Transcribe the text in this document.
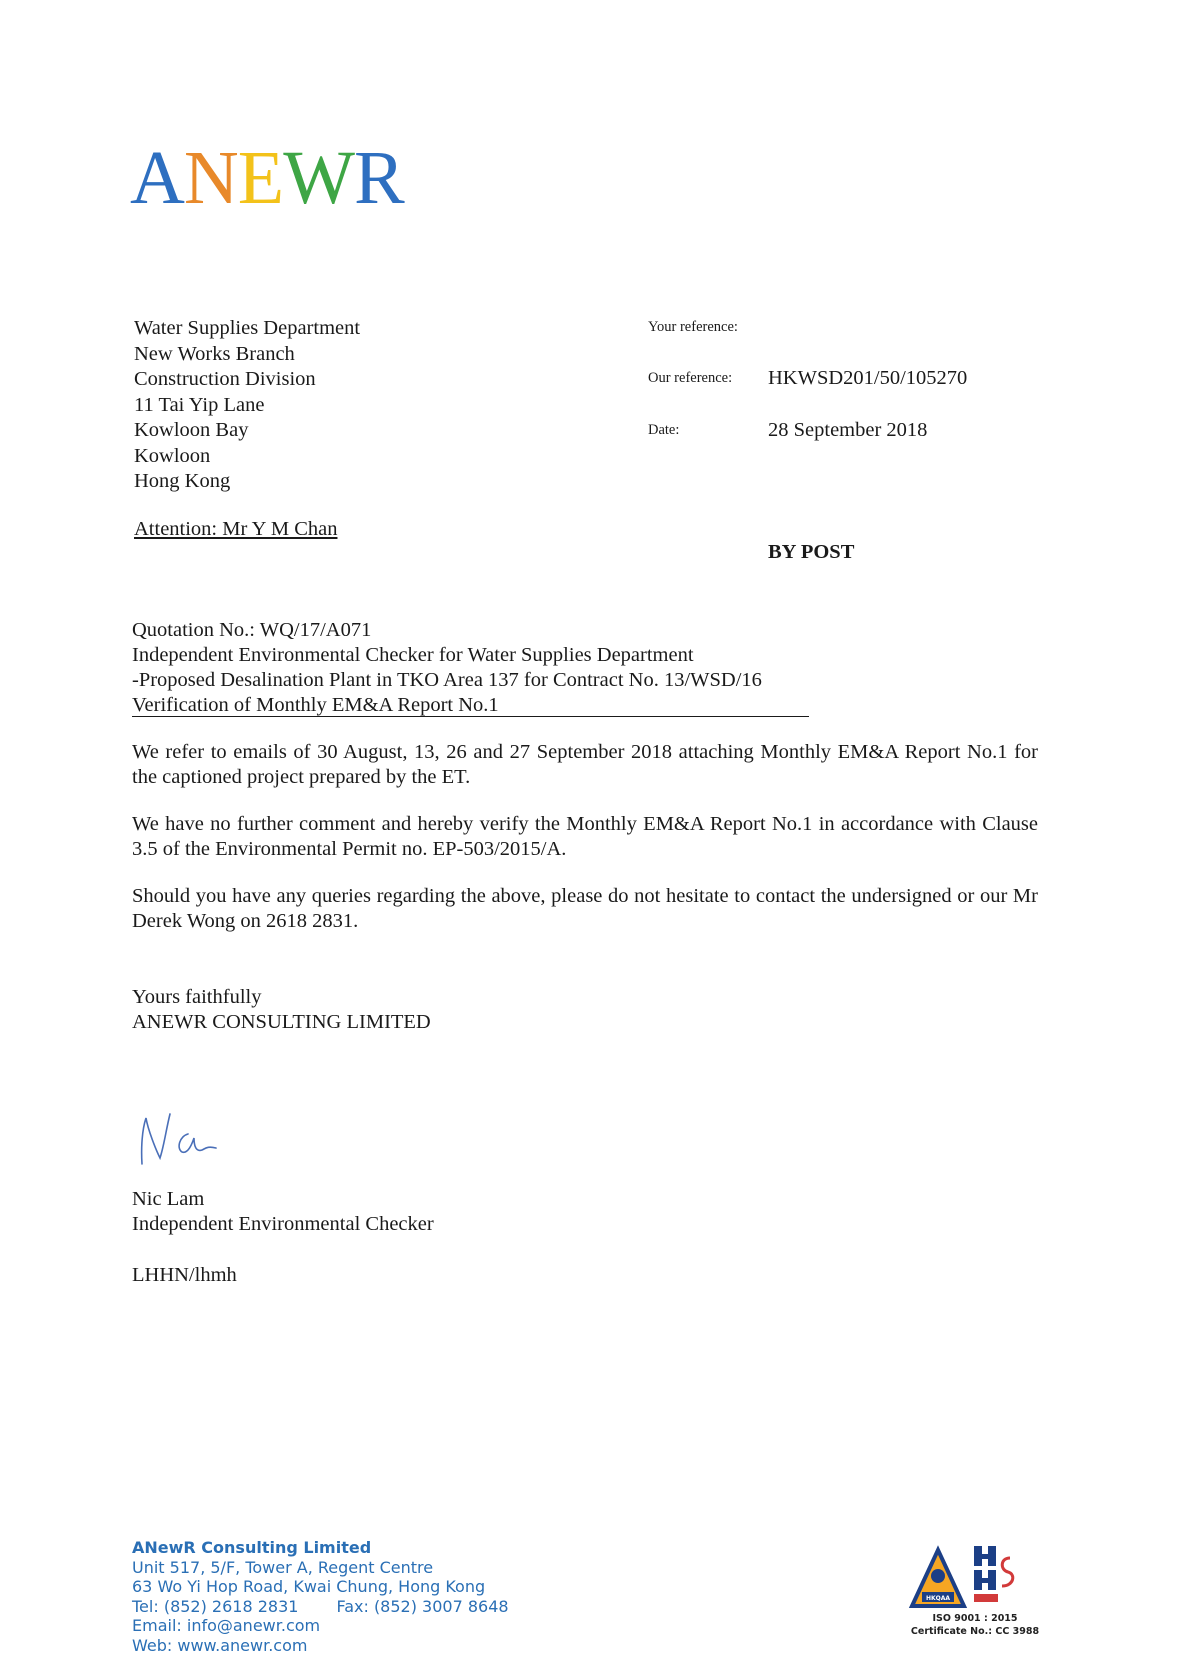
ANEWR
Water Supplies Department
New Works Branch
Construction Division
11 Tai Yip Lane
Kowloon Bay
Kowloon
Hong Kong
Attention: Mr Y M Chan
Your reference:
Our reference: HKWSD201/50/105270
Date:	28 September 2018
BY POST
Quotation No.: WQ/17/A071
Independent Environmental Checker for Water Supplies Department
-Proposed Desalination Plant in TKO Area 137 for Contract No. 13/WSD/16
Verification of Monthly EM&A Report No.1
We refer to emails of 30 August, 13, 26 and 27 September 2018 attaching Monthly EM&A Report No.1 for the captioned project prepared by the ET.
We have no further comment and hereby verify the Monthly EM&A Report No.1 in accordance with Clause 3.5 of the Environmental Permit no. EP-503/2015/A.
Should you have any queries regarding the above, please do not hesitate to contact the undersigned or our Mr Derek Wong on 2618 2831.
Yours faithfully
ANEWR CONSULTING LIMITED
Nic Lam
Independent Environmental Checker
LHHN/lhmh
ANewR Consulting Limited
Unit 517, 5/F, Tower A, Regent Centre
63 Wo Yi Hop Road, Kwai Chung, Hong Kong
Tel: (852) 2618 2831 Fax: (852) 3007 8648
Email: info@anewr.com
Web: www.anewr.com
HKQAA
ISO 9001 : 2015
Certificate No.: CC 3988
